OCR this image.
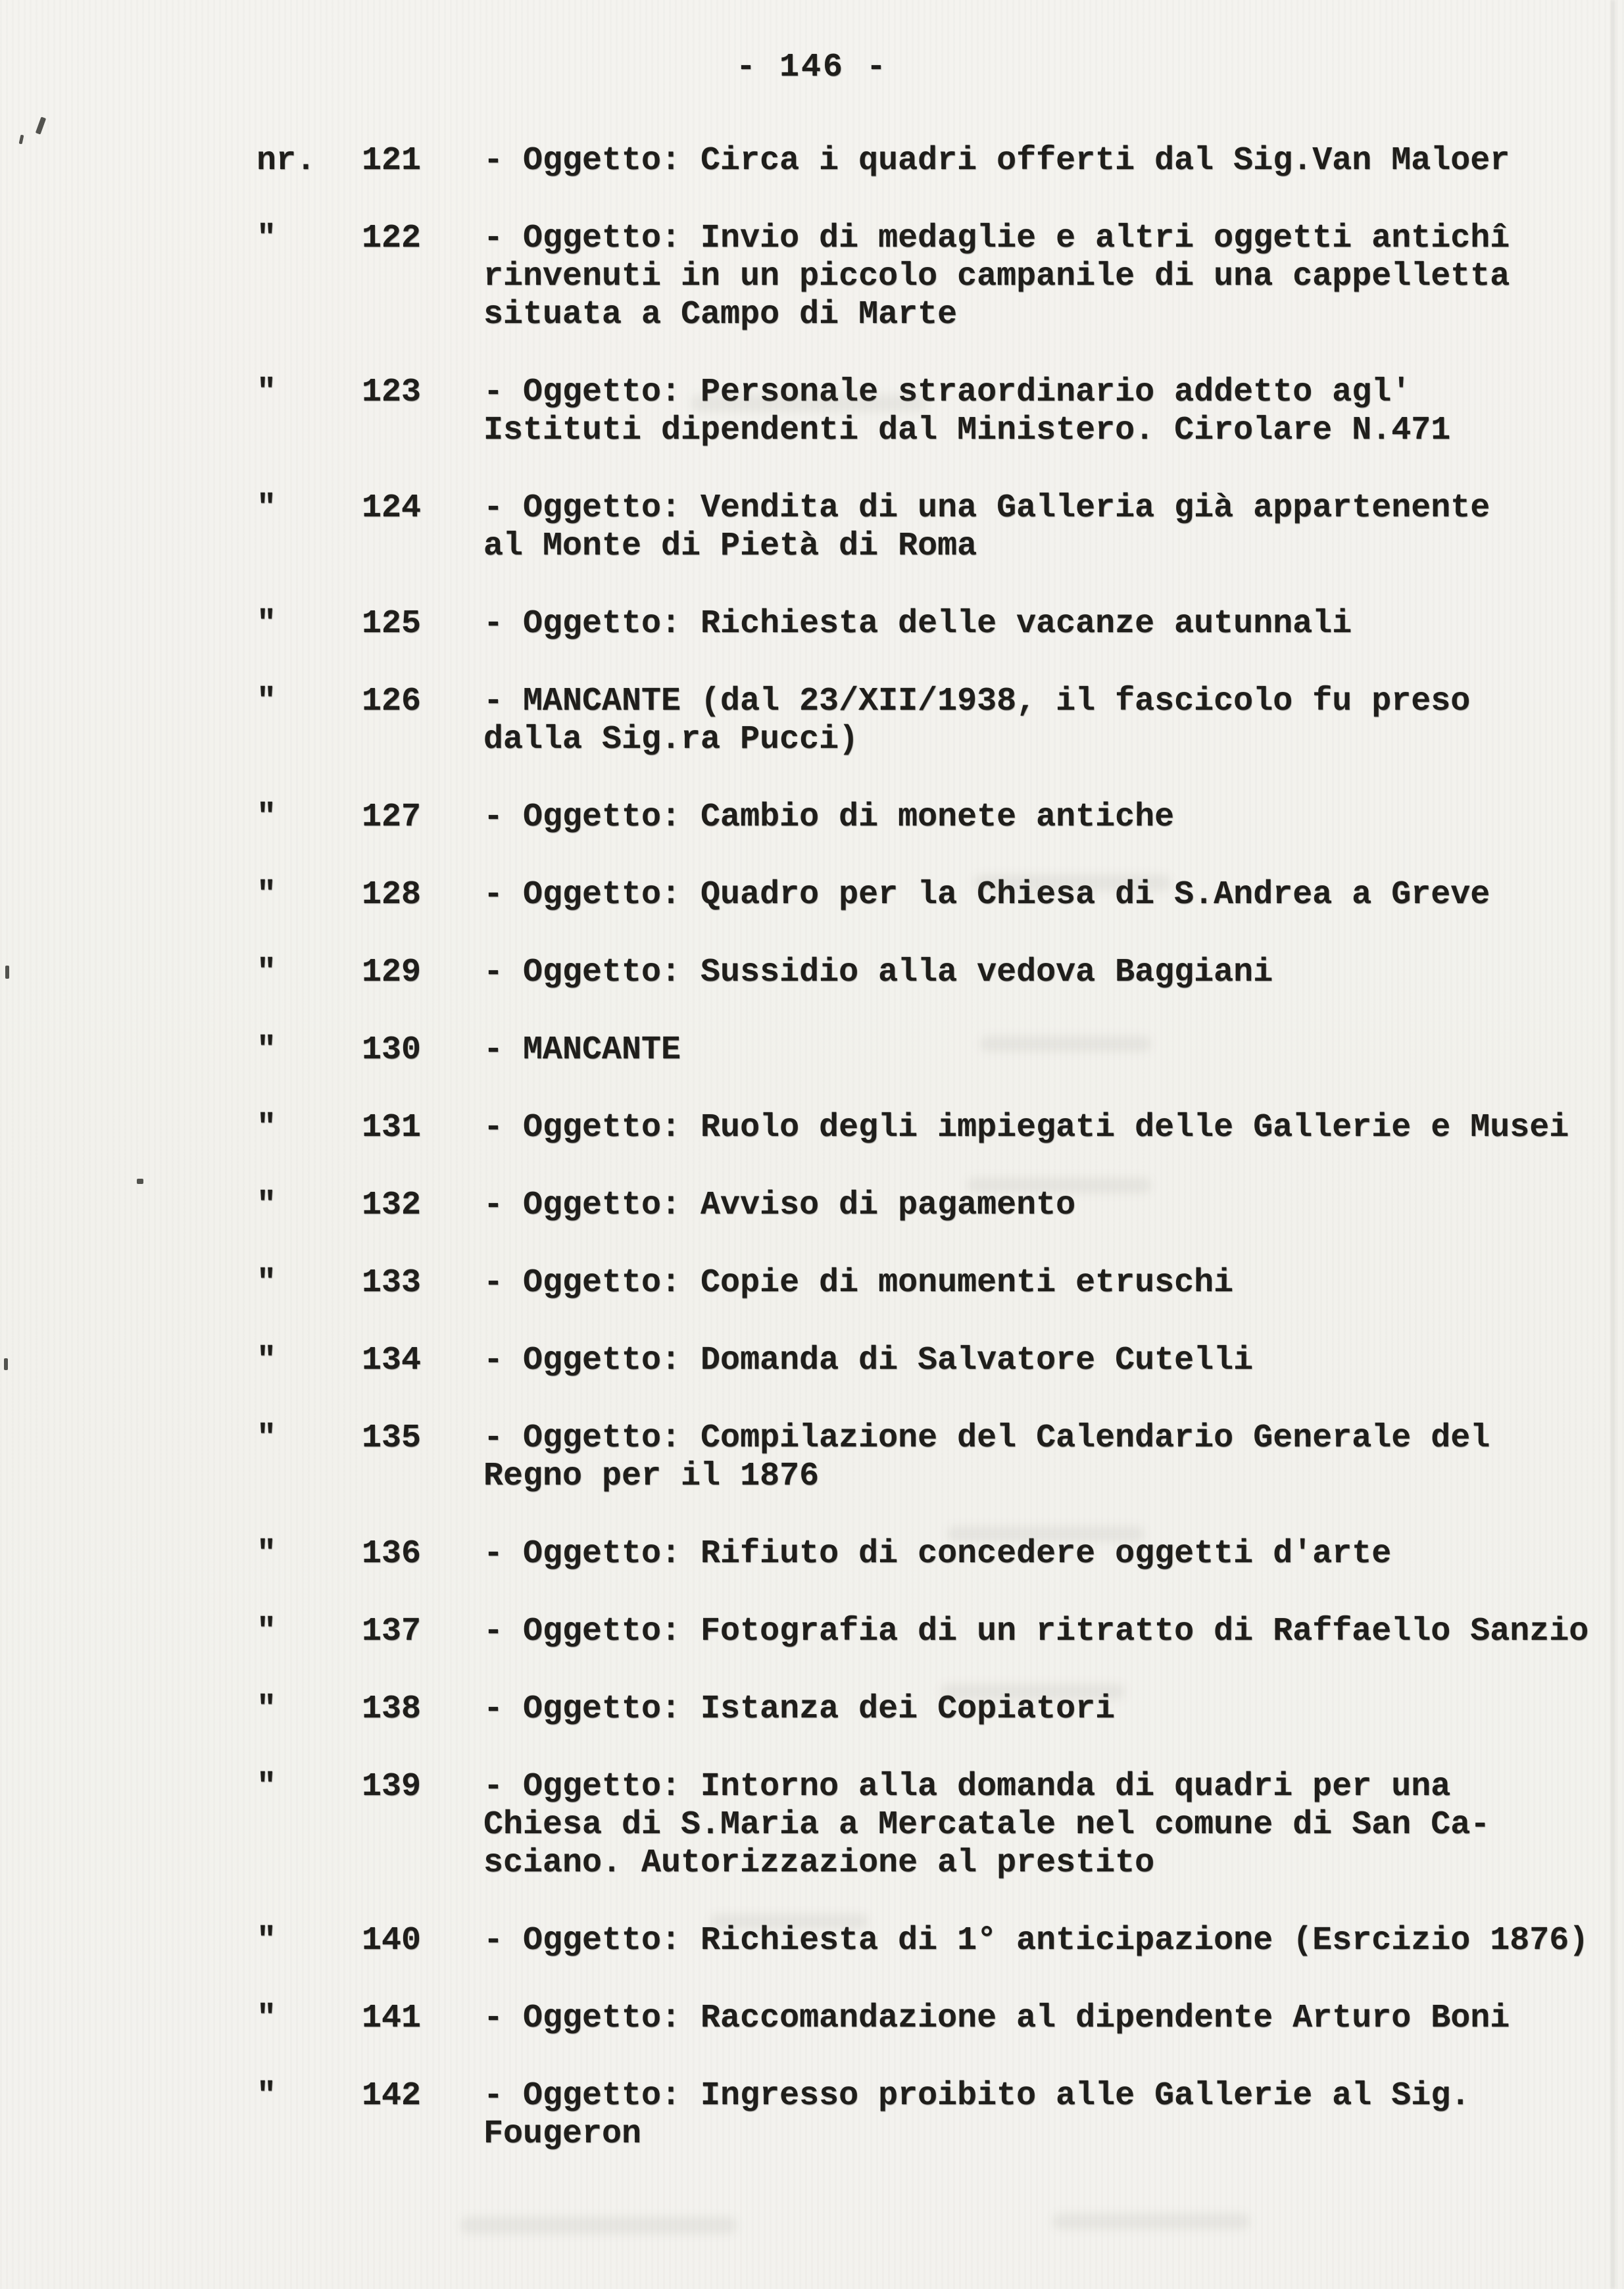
- 146 -
nr.	121	- Oggetto: Circa i quadri offerti dal Sig.Van Maloer
"	122	- Oggetto: Invio di medaglie e altri oggetti antichî
rinvenuti in un piccolo campanile di una cappelletta
situata a Campo di Marte
"	123	- Oggetto: Personale straordinario addetto agl'
Istituti dipendenti dal Ministero. Cirolare N.471
"	124	- Oggetto: Vendita di una Galleria già appartenente
al Monte di Pietà di Roma
"	125	- Oggetto: Richiesta delle vacanze autunnali
"	126	- MANCANTE (dal 23/XII/1938, il fascicolo fu preso
dalla Sig.ra Pucci)
"	127	- Oggetto: Cambio di monete antiche
"	128	- Oggetto: Quadro per la Chiesa di S.Andrea a Greve
"	129	- Oggetto: Sussidio alla vedova Baggiani
"	130	- MANCANTE
"	131	- Oggetto: Ruolo degli impiegati delle Gallerie e Musei
"	132	- Oggetto: Avviso di pagamento
"	133	- Oggetto: Copie di monumenti etruschi
"	134	- Oggetto: Domanda di Salvatore Cutelli
"	135	- Oggetto: Compilazione del Calendario Generale del
Regno per il 1876
"	136	- Oggetto: Rifiuto di concedere oggetti d'arte
"	137	- Oggetto: Fotografia di un ritratto di Raffaello Sanzio
"	138	- Oggetto: Istanza dei Copiatori
"	139	- Oggetto: Intorno alla domanda di quadri per una
Chiesa di S.Maria a Mercatale nel comune di San Ca-
sciano. Autorizzazione al prestito
"	140	- Oggetto: Richiesta di 1° anticipazione (Esrcizio 1876)
"	141	- Oggetto: Raccomandazione al dipendente Arturo Boni
"	142	- Oggetto: Ingresso proibito alle Gallerie al Sig.
Fougeron
